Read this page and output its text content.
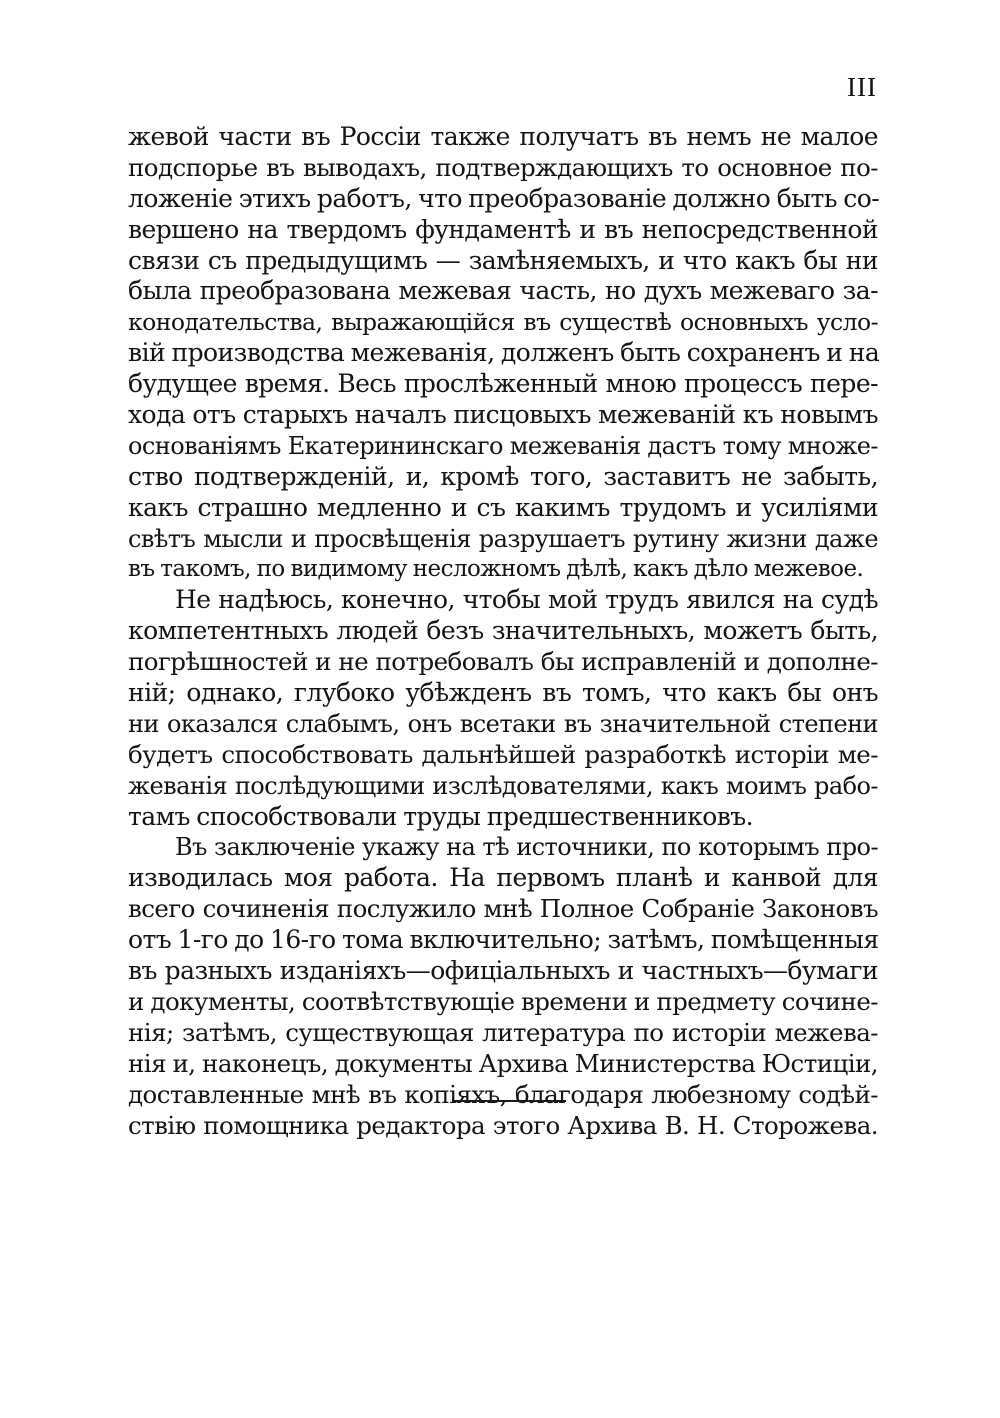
III
жевой части въ Россіи также получатъ въ немъ не малое
подспорье въ выводахъ, подтверждающихъ то основное по-
ложеніе этихъ работъ, что преобразованіе должно быть со-
вершено на твердомъ фундаментѣ и въ непосредственной
связи съ предыдущимъ — замѣняемыхъ, и что какъ бы ни
была преобразована межевая часть, но духъ межеваго за-
конодательства, выражающійся въ существѣ основныхъ усло-
вій производства межеванія, долженъ быть сохраненъ и на
будущее время. Весь прослѣженный мною процессъ пере-
хода отъ старыхъ началъ писцовыхъ межеваній къ новымъ
основаніямъ Екатерининскаго межеванія дастъ тому множе-
ство подтвержденій, и, кромѣ того, заставитъ не забыть,
какъ страшно медленно и съ какимъ трудомъ и усиліями
свѣтъ мысли и просвѣщенія разрушаетъ рутину жизни даже
въ такомъ, по видимому несложномъ дѣлѣ, какъ дѣло межевое.
Не надѣюсь, конечно, чтобы мой трудъ явился на судѣ
компетентныхъ людей безъ значительныхъ, можетъ быть,
погрѣшностей и не потребовалъ бы исправленій и дополне-
ній; однако, глубоко убѣжденъ въ томъ, что какъ бы онъ
ни оказался слабымъ, онъ всетаки въ значительной степени
будетъ способствовать дальнѣйшей разработкѣ исторіи ме-
жеванія послѣдующими изслѣдователями, какъ моимъ рабо-
тамъ способствовали труды предшественниковъ.
Въ заключеніе укажу на тѣ источники, по которымъ про-
изводилась моя работа. На первомъ планѣ и канвой для
всего сочиненія послужило мнѣ Полное Собраніе Законовъ
отъ 1-го до 16-го тома включительно; затѣмъ, помѣщенныя
въ разныхъ изданіяхъ—офиціальныхъ и частныхъ—бумаги
и документы, соотвѣтствующіе времени и предмету сочине-
нія; затѣмъ, существующая литература по исторіи межева-
нія и, наконецъ, документы Архива Министерства Юстиціи,
доставленные мнѣ въ копіяхъ, благодаря любезному содѣй-
ствію помощника редактора этого Архива В. Н. Сторожева.
